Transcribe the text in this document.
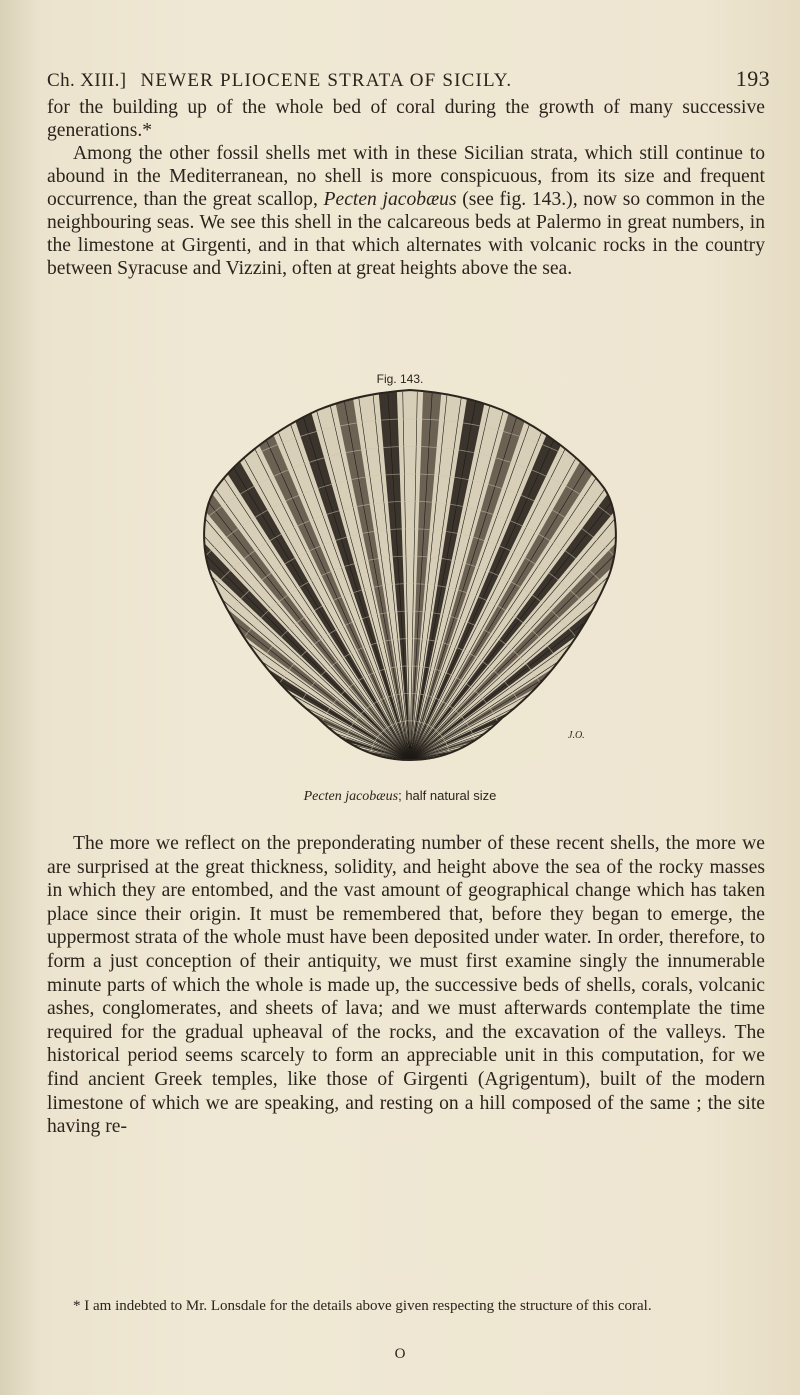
Ch. XIII.] NEWER PLIOCENE STRATA OF SICILY.	193

for the building up of the whole bed of coral during the growth of many successive generations.*
Among the other fossil shells met with in these Sicilian strata, which still continue to abound in the Mediterranean, no shell is more conspicuous, from its size and frequent occurrence, than the great scallop, Pecten jacobæus (see fig. 143.), now so common in the neighbouring seas. We see this shell in the calcareous beds at Palermo in great numbers, in the limestone at Girgenti, and in that which alternates with volcanic rocks in the country between Syracuse and Vizzini, often at great heights above the sea.

Fig. 143.
J.O.
Pecten jacobæus; half natural size

The more we reflect on the preponderating number of these recent shells, the more we are surprised at the great thickness, solidity, and height above the sea of the rocky masses in which they are entombed, and the vast amount of geographical change which has taken place since their origin. It must be remembered that, before they began to emerge, the uppermost strata of the whole must have been deposited under water. In order, therefore, to form a just conception of their antiquity, we must first examine singly the innumerable minute parts of which the whole is made up, the successive beds of shells, corals, volcanic ashes, conglomerates, and sheets of lava; and we must afterwards contemplate the time required for the gradual upheaval of the rocks, and the excavation of the valleys. The historical period seems scarcely to form an appreciable unit in this computation, for we find ancient Greek temples, like those of Girgenti (Agrigentum), built of the modern limestone of which we are speaking, and resting on a hill composed of the same ; the site having re-

* I am indebted to Mr. Lonsdale for the details above given respecting the structure of this coral.

O
